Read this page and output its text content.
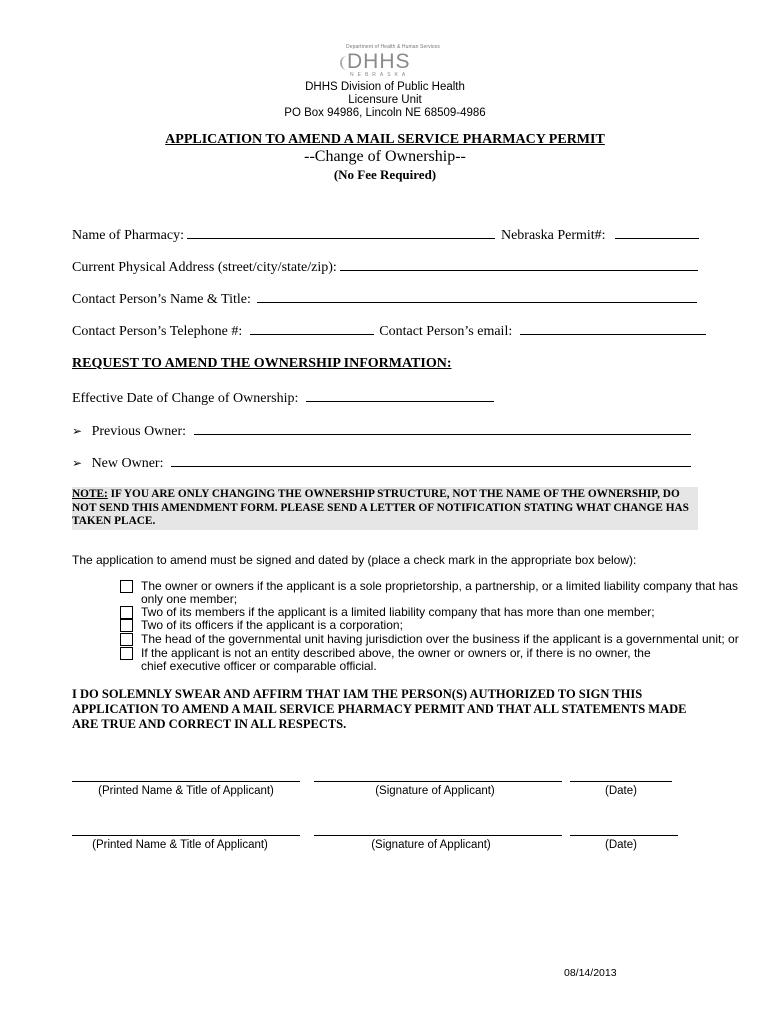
Department of Health & Human Services
DHHS
NEBRASKA
DHHS Division of Public Health
Licensure Unit
PO Box 94986, Lincoln NE 68509-4986
APPLICATION TO AMEND A MAIL SERVICE PHARMACY PERMIT
--Change of Ownership--
(No Fee Required)
Name of Pharmacy:	Nebraska Permit#:
Current Physical Address (street/city/state/zip):
Contact Person’s Name & Title:
Contact Person’s Telephone #:	Contact Person’s email:
REQUEST TO AMEND THE OWNERSHIP INFORMATION:
Effective Date of Change of Ownership:
➢ Previous Owner:
➢ New Owner:
NOTE: IF YOU ARE ONLY CHANGING THE OWNERSHIP STRUCTURE, NOT THE NAME OF THE OWNERSHIP, DO NOT SEND THIS AMENDMENT FORM. PLEASE SEND A LETTER OF NOTIFICATION STATING WHAT CHANGE HAS TAKEN PLACE.
The application to amend must be signed and dated by (place a check mark in the appropriate box below):
The owner or owners if the applicant is a sole proprietorship, a partnership, or a limited liability company that has only one member;
Two of its members if the applicant is a limited liability company that has more than one member;
Two of its officers if the applicant is a corporation;
The head of the governmental unit having jurisdiction over the business if the applicant is a governmental unit; or
If the applicant is not an entity described above, the owner or owners or, if there is no owner, the chief executive officer or comparable official.
I DO SOLEMNLY SWEAR AND AFFIRM THAT IAM THE PERSON(S) AUTHORIZED TO SIGN THIS APPLICATION TO AMEND A MAIL SERVICE PHARMACY PERMIT AND THAT ALL STATEMENTS MADE ARE TRUE AND CORRECT IN ALL RESPECTS.
(Printed Name & Title of Applicant)	(Signature of Applicant)	(Date)
(Printed Name & Title of Applicant)	(Signature of Applicant)	(Date)
08/14/2013
